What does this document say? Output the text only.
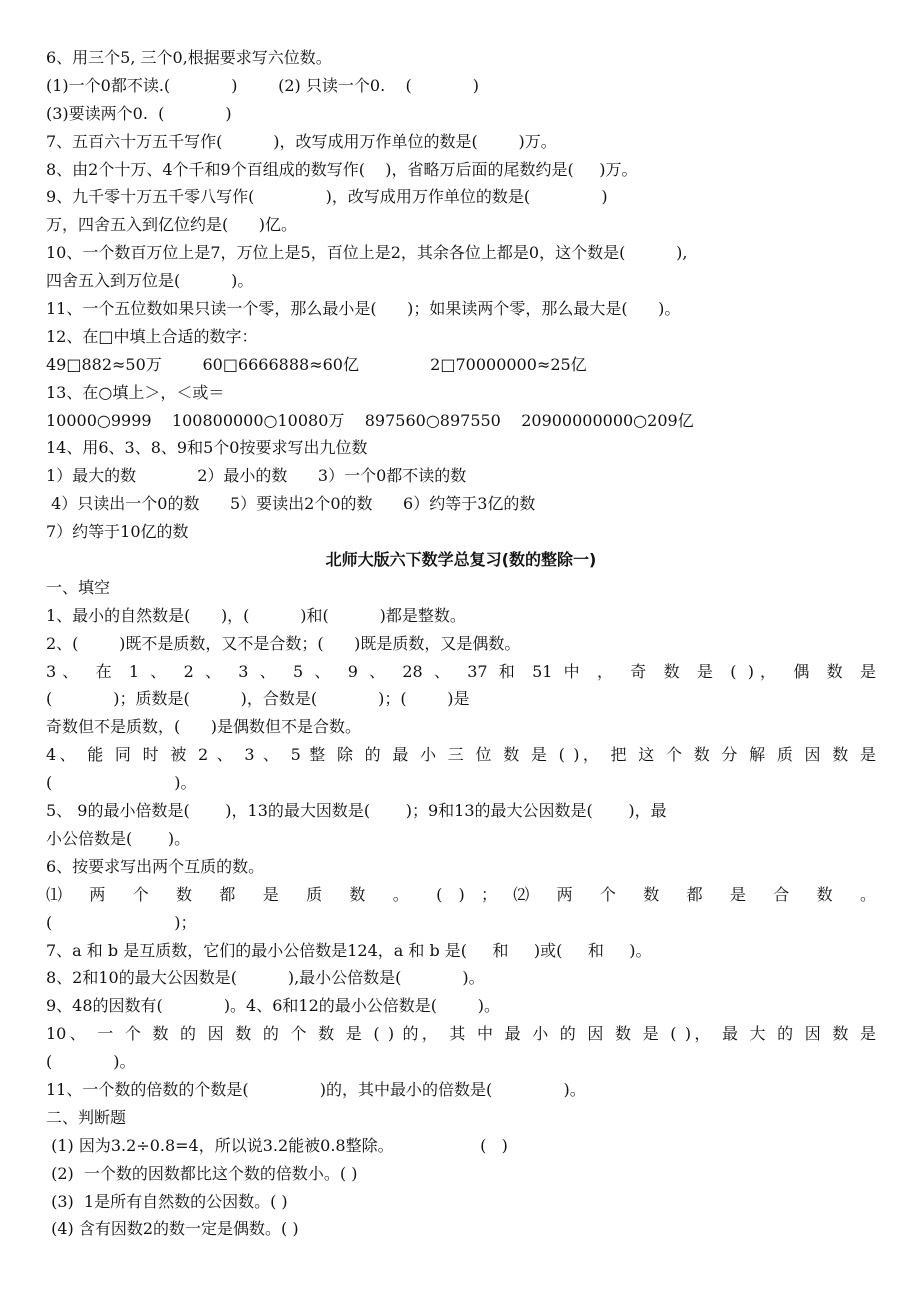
6、用三个5, 三个0,根据要求写六位数。
(1)一个0都不读.(            )        (2) 只读一个0.    (            )
(3)要读两个0.  (            )
7、五百六十万五千写作(          )，改写成用万作单位的数是(        )万。
8、由2个十万、4个千和9个百组成的数写作(    )，省略万后面的尾数约是(     )万。
9、九千零十万五千零八写作(              )，改写成用万作单位的数是(              )
万，四舍五入到亿位约是(      )亿。
10、一个数百万位上是7，万位上是5，百位上是2，其余各位上都是0，这个数是(          ),
四舍五入到万位是(          )。
11、一个五位数如果只读一个零，那么最小是(      )；如果读两个零，那么最大是(      )。
12、在□中填上合适的数字：
49□882≈50万        60□6666888≈60亿              2□70000000≈25亿
13、在○填上＞，＜或＝
10000○9999    100800000○10080万    897560○897550    20900000000○209亿
14、用6、3、8、9和5个0按要求写出九位数
1）最大的数            2）最小的数      3）一个0都不读的数
4）只读出一个0的数      5）要读出2个0的数      6）约等于3亿的数
7）约等于10亿的数
北师大版六下数学总复习(数的整除一)
一、填空
1、最小的自然数是(      )，(          )和(          )都是整数。
2、(        )既不是质数，又不是合数；(      )既是质数，又是偶数。
3、 在 1 、 2 、 3 、 5 、 9 、 28 、 37 和 51 中 ， 奇 数 是 ( )， 偶 数 是
(            )；质数是(          )，合数是(            )；(        )是
奇数但不是质数，(      )是偶数但不是合数。
4、 能 同 时 被 2 、 3 、 5 整 除 的 最 小 三 位 数 是 ( )， 把 这 个 数 分 解 质 因 数 是
(                        )。
5、 9的最小倍数是(       )，13的最大因数是(       )；9和13的最大公因数是(       )，最
小公倍数是(       )。
6、按要求写出两个互质的数。
⑴ 两 个 数 都 是 质 数 。 ( ) ； ⑵ 两 个 数 都 是 合 数 。
(                        )；
7、a 和 b 是互质数，它们的最小公倍数是124，a 和 b 是(     和     )或(     和     )。
8、2和10的最大公因数是(          ),最小公倍数是(            )。
9、48的因数有(            )。4、6和12的最小公倍数是(        )。
10、 一 个 数 的 因 数 的 个 数 是 ( ) 的， 其 中 最 小 的 因 数 是 ( )， 最 大 的 因 数 是
(            )。
11、一个数的倍数的个数是(              )的，其中最小的倍数是(              )。
二、判断题
(1) 因为3.2÷0.8=4，所以说3.2能被0.8整除。                 (   )
(2)  一个数的因数都比这个数的倍数小。( )
(3)  1是所有自然数的公因数。( )
(4) 含有因数2的数一定是偶数。( )
